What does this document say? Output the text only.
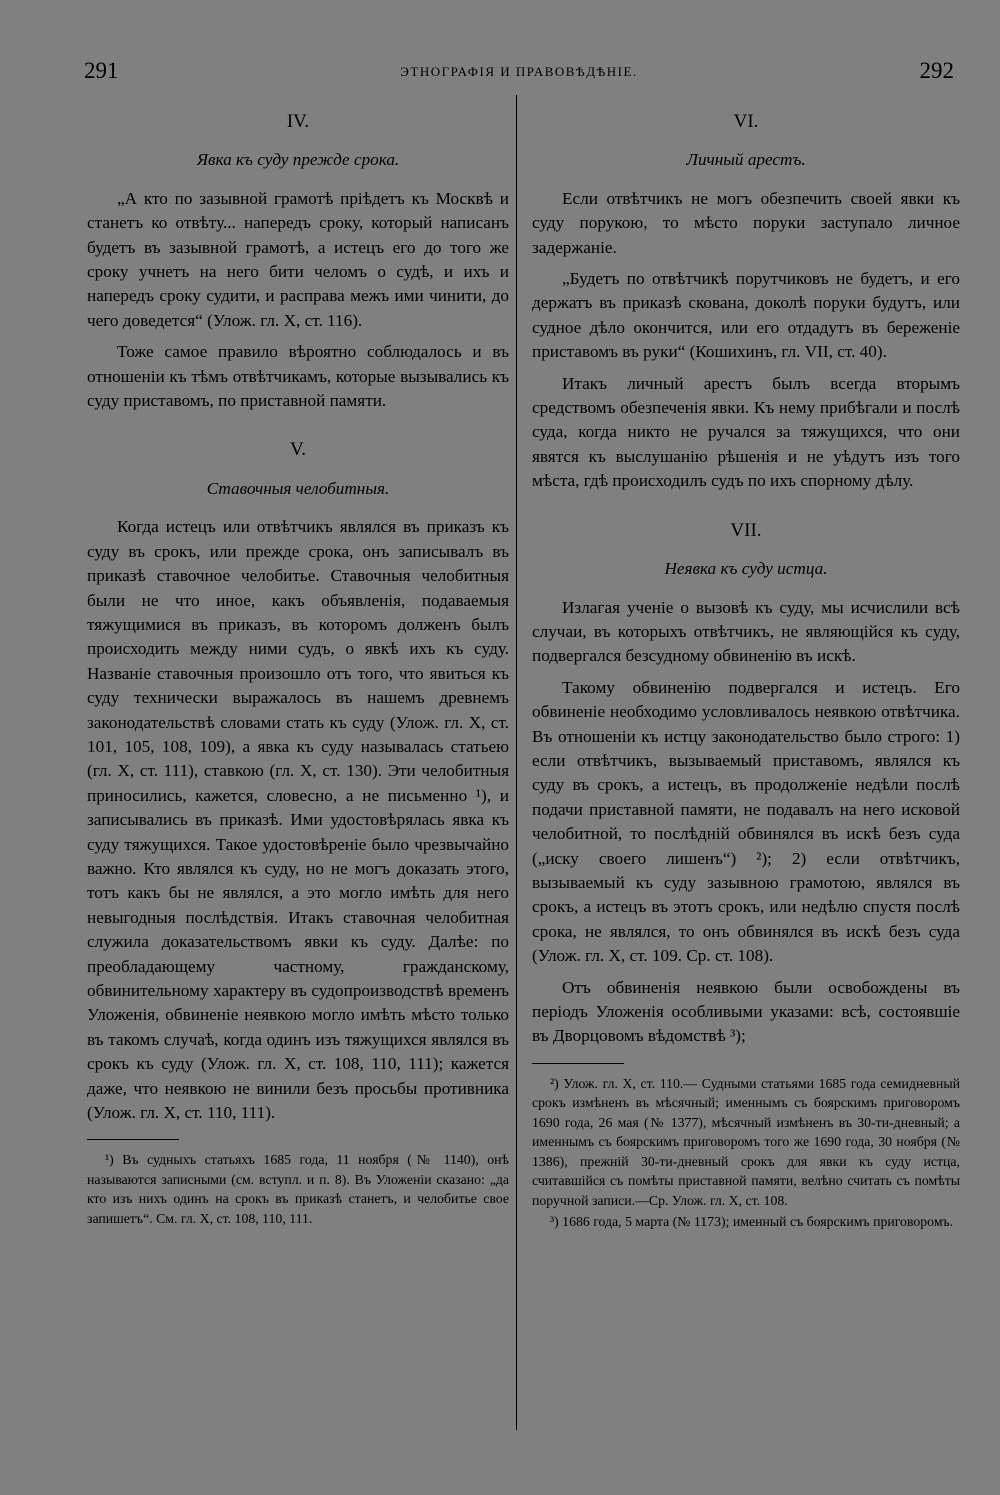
291	ЭТНОГРАФІЯ И ПРАВОВѢДѢНІЕ.	292
IV.
Явка къ суду прежде срока.

„А кто по зазывной грамотѣ пріѣдетъ къ Москвѣ и станетъ ко отвѣту... напередъ сроку, который написанъ будетъ въ зазывной грамотѣ, а истецъ его до того же сроку учнетъ на него бити челомъ о судѣ, и ихъ и напередъ сроку судити, и расправа межъ ими чинити, до чего доведется“ (Улож. гл. X, ст. 116).

Тоже самое правило вѣроятно соблюдалось и въ отношеніи къ тѣмъ отвѣтчикамъ, которые вызывались къ суду приставомъ, по приставной памяти.

V.
Ставочныя челобитныя.

Когда истецъ или отвѣтчикъ являлся въ приказъ къ суду въ срокъ, или прежде срока, онъ записывалъ въ приказѣ ставочное челобитье. Ставочныя челобитныя были не что иное, какъ объявленія, подаваемыя тяжущимися въ приказъ, въ которомъ долженъ былъ происходить между ними судъ, о явкѣ ихъ къ суду. Названіе ставочныя произошло отъ того, что явиться къ суду технически выражалось въ нашемъ древнемъ законодательствѣ словами стать къ суду (Улож. гл. X, ст. 101, 105, 108, 109), а явка къ суду называлась статьею (гл. X, ст. 111), ставкою (гл. X, ст. 130). Эти челобитныя приносились, кажется, словесно, а не письменно ¹), и записывались въ приказѣ. Ими удостовѣрялась явка къ суду тяжущихся. Такое удостовѣреніе было чрезвычайно важно. Кто являлся къ суду, но не могъ доказать этого, тотъ какъ бы не являлся, а это могло имѣть для него невыгодныя послѣдствія. Итакъ ставочная челобитная служила доказательствомъ явки къ суду. Далѣе: по преобладающему частному, гражданскому, обвинительному характеру въ судопроизводствѣ временъ Уложенія, обвиненіе неявкою могло имѣть мѣсто только въ такомъ случаѣ, когда одинъ изъ тяжущихся являлся въ срокъ къ суду (Улож. гл. X, ст. 108, 110, 111); кажется даже, что неявкою не винили безъ просьбы противника (Улож. гл. X, ст. 110, 111).

¹) Въ судныхъ статьяхъ 1685 года, 11 ноября (№ 1140), онѣ называются записными (см. вступл. и п. 8). Въ Уложеніи сказано: „да кто изъ нихъ одинъ на срокъ въ приказѣ станетъ, и челобитье свое запишетъ“. См. гл. X, ст. 108, 110, 111.

VI.
Личный арестъ.

Если отвѣтчикъ не могъ обезпечить своей явки къ суду порукою, то мѣсто поруки заступало личное задержаніе.

„Будетъ по отвѣтчикѣ порутчиковъ не будетъ, и его держатъ въ приказѣ скована, доколѣ поруки будутъ, или судное дѣло окончится, или его отдадутъ въ береженіе приставомъ въ руки“ (Кошихинъ, гл. VII, ст. 40).

Итакъ личный арестъ былъ всегда вторымъ средствомъ обезпеченія явки. Къ нему прибѣгали и послѣ суда, когда никто не ручался за тяжущихся, что они явятся къ выслушанію рѣшенія и не уѣдутъ изъ того мѣста, гдѣ происходилъ судъ по ихъ спорному дѣлу.

VII.
Неявка къ суду истца.

Излагая ученіе о вызовѣ къ суду, мы исчислили всѣ случаи, въ которыхъ отвѣтчикъ, не являющійся къ суду, подвергался безсудному обвиненію въ искѣ.

Такому обвиненію подвергался и истецъ. Его обвиненіе необходимо условливалось неявкою отвѣтчика. Въ отношеніи къ истцу законодательство было строго: 1) если отвѣтчикъ, вызываемый приставомъ, являлся къ суду въ срокъ, а истецъ, въ продолженіе недѣли послѣ подачи приставной памяти, не подавалъ на него исковой челобитной, то послѣдній обвинялся въ искѣ безъ суда („иску своего лишенъ“) ²); 2) если отвѣтчикъ, вызываемый къ суду зазывною грамотою, являлся въ срокъ, а истецъ въ этотъ срокъ, или недѣлю спустя послѣ срока, не являлся, то онъ обвинялся въ искѣ безъ суда (Улож. гл. X, ст. 109. Ср. ст. 108).

Отъ обвиненія неявкою были освобождены въ періодъ Уложенія особливыми указами: всѣ, состоявшіе въ Дворцовомъ вѣдомствѣ ³);

²) Улож. гл. X, ст. 110.— Судными статьями 1685 года семидневный срокъ измѣненъ въ мѣсячный; именнымъ съ боярскимъ приговоромъ 1690 года, 26 мая (№ 1377), мѣсячный измѣненъ въ 30-ти-дневный; а именнымъ съ боярскимъ приговоромъ того же 1690 года, 30 ноября (№ 1386), прежній 30-ти-дневный срокъ для явки къ суду истца, считавшійся съ помѣты приставной памяти, велѣно считать съ помѣты поручной записи.—Ср. Улож. гл. X, ст. 108.

³) 1686 года, 5 марта (№ 1173); именный съ боярскимъ приговоромъ.
